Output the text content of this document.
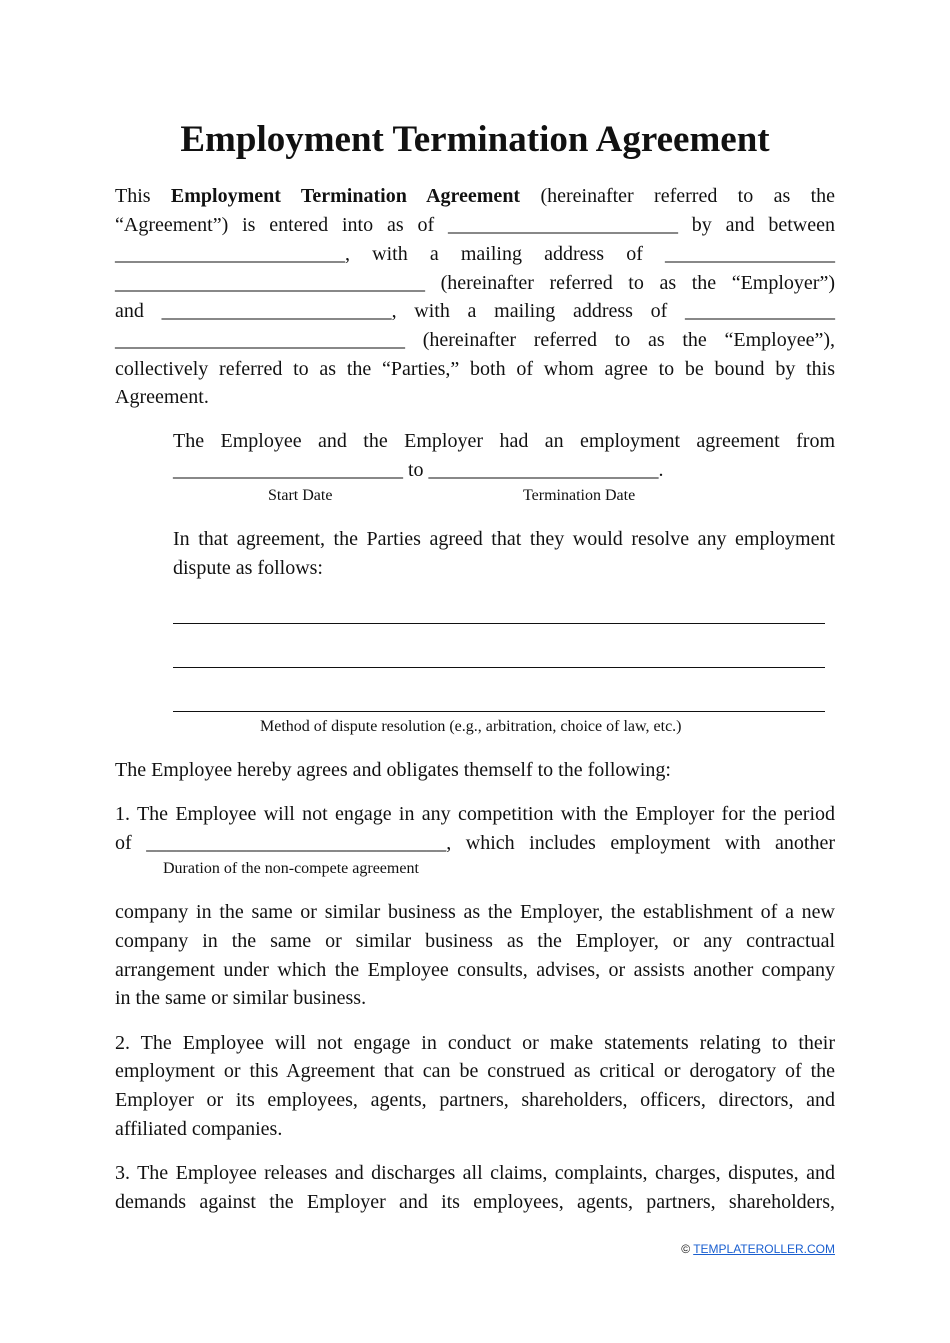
Employment Termination Agreement
This Employment Termination Agreement (hereinafter referred to as the
“Agreement”) is entered into as of _______________________ by and between
_______________________, with a mailing address of _________________
_______________________________ (hereinafter referred to as the “Employer”)
and _______________________, with a mailing address of _______________
_____________________________ (hereinafter referred to as the “Employee”),
collectively referred to as the “Parties,” both of whom agree to be bound by this
Agreement.
The Employee and the Employer had an employment agreement from
_______________________ to _______________________.
Start Date	Termination Date
In that agreement, the Parties agreed that they would resolve any employment
dispute as follows:
Method of dispute resolution (e.g., arbitration, choice of law, etc.)
The Employee hereby agrees and obligates themself to the following:
1. The Employee will not engage in any competition with the Employer for the period
of ______________________________, which includes employment with another
Duration of the non-compete agreement
company in the same or similar business as the Employer, the establishment of a new
company in the same or similar business as the Employer, or any contractual
arrangement under which the Employee consults, advises, or assists another company
in the same or similar business.
2. The Employee will not engage in conduct or make statements relating to their
employment or this Agreement that can be construed as critical or derogatory of the
Employer or its employees, agents, partners, shareholders, officers, directors, and
affiliated companies.
3. The Employee releases and discharges all claims, complaints, charges, disputes, and
demands against the Employer and its employees, agents, partners, shareholders,
© TEMPLATEROLLER.COM
